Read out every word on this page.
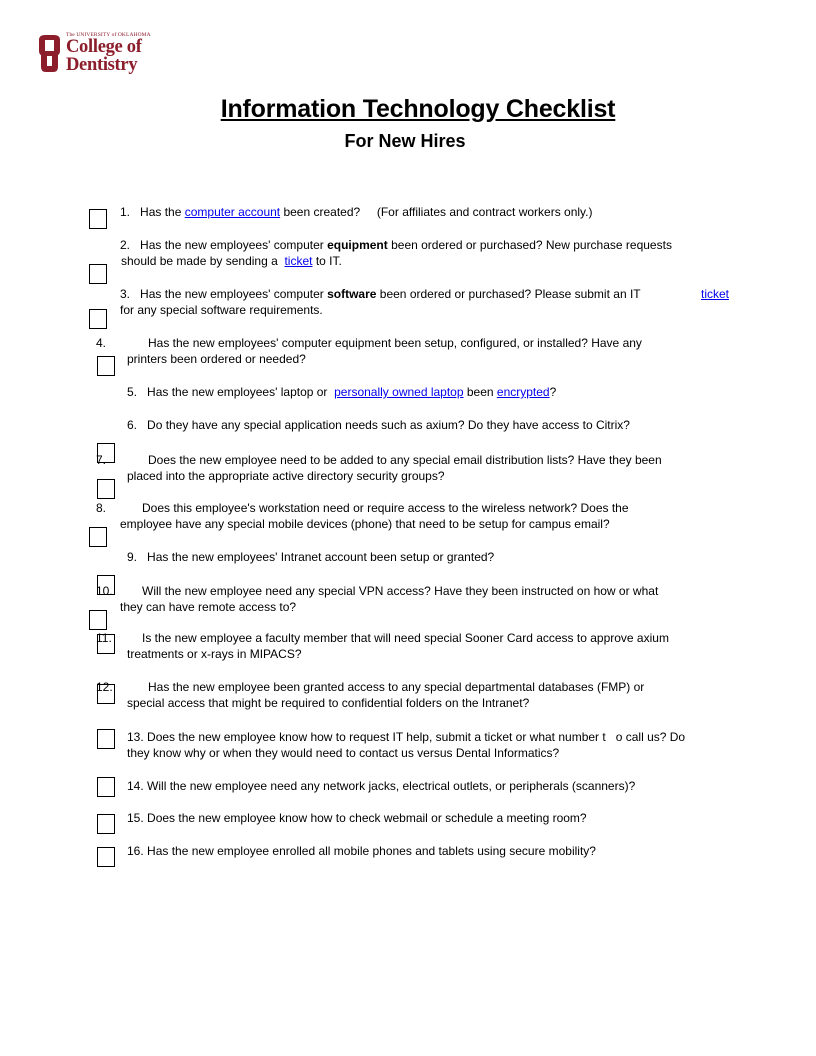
The UNIVERSITY of OKLAHOMA
College of
Dentistry
Information Technology Checklist
For New Hires
1. Has the computer account been created? (For affiliates and contract workers only.)
2. Has the new employees' computer equipment been ordered or purchased? New purchase requests
should be made by sending a  ticket to IT.
3. Has the new employees' computer software been ordered or purchased? Please submit an IT	ticket
for any special software requirements.
4.	Has the new employees' computer equipment been setup, configured, or installed? Have any
printers been ordered or needed?
5. Has the new employees' laptop or  personally owned laptop been encrypted?
6. Do they have any special application needs such as axium? Do they have access to Citrix?
7.	Does the new employee need to be added to any special email distribution lists? Have they been
placed into the appropriate active directory security groups?
8.	Does this employee's workstation need or require access to the wireless network? Does the
employee have any special mobile devices (phone) that need to be setup for campus email?
9. Has the new employees' Intranet account been setup or granted?
10. Will the new employee need any special VPN access? Have they been instructed on how or what
they can have remote access to?
11.	Is the new employee a faculty member that will need special Sooner Card access to approve axium
treatments or x-rays in MIPACS?
12.	Has the new employee been granted access to any special departmental databases (FMP) or
special access that might be required to confidential folders on the Intranet?
13. Does the new employee know how to request IT help, submit a ticket or what number t o call us? Do
they know why or when they would need to contact us versus Dental Informatics?
14. Will the new employee need any network jacks, electrical outlets, or peripherals (scanners)?
15. Does the new employee know how to check webmail or schedule a meeting room?
16. Has the new employee enrolled all mobile phones and tablets using secure mobility?
